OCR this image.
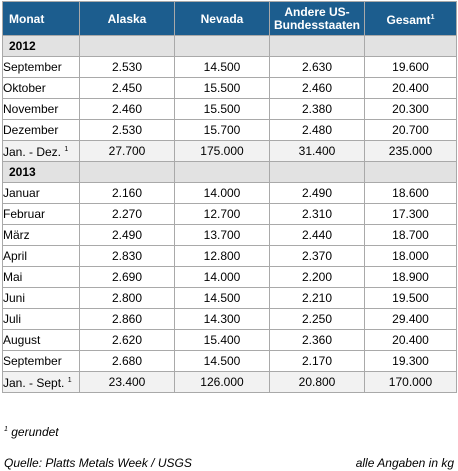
Monat	Alaska	Nevada	Andere US-
Bundesstaaten	Gesamt$^1$
2012				
September	2.530	14.500	2.630	19.600
Oktober	2.450	15.500	2.460	20.400
November	2.460	15.500	2.380	20.300
Dezember	2.530	15.700	2.480	20.700
Jan. - Dez. $^1$	27.700	175.000	31.400	235.000
2013				
Januar	2.160	14.000	2.490	18.600
Februar	2.270	12.700	2.310	17.300
März	2.490	13.700	2.440	18.700
April	2.830	12.800	2.370	18.000
Mai	2.690	14.000	2.200	18.900
Juni	2.800	14.500	2.210	19.500
Juli	2.860	14.300	2.250	29.400
August	2.620	15.400	2.360	20.400
September	2.680	14.500	2.170	19.300
Jan. - Sept. $^1$	23.400	126.000	20.800	170.000
$^1$ gerundet
Quelle: Platts Metals Week / USGS	alle Angaben in kg
